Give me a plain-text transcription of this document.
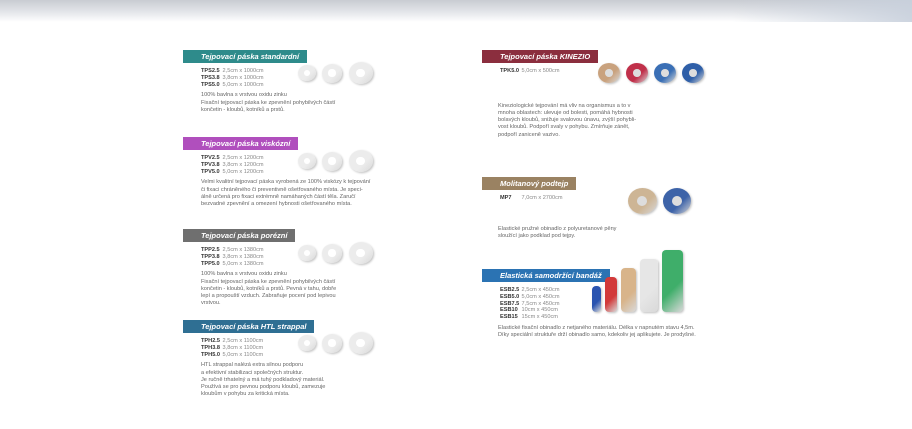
Tejpovací páska standardní
TPS2.5 2,5cm x 1000cm
TPS3.8 3,8cm x 1000cm
TPS5.0 5,0cm x 1000cm
100% bavlna s vrstvou oxidu zinku
Fixační tejpovací páska ke zpevnění pohybilvých částí
končetin - kloubů, kotníků a prstů.
Tejpovací páska viskózní
TPV2.5 2,5cm x 1200cm
TPV3.8 3,8cm x 1200cm
TPV5.0 5,0cm x 1200cm
Velmi kvalitní tejpovací páska vyrobená ze 100% viskózy k tejpování
či fixaci chráněného či preventivně ošetřovaného místa. Je speci-
álně určená pro fixaci extrémně namáhaných částí těla. Zaručí
bezvadné zpevnění a omezení hybnosti ošetřovaného místa.
Tejpovací páska porézní
TPP2.5 2,5cm x 1380cm
TPP3.8 3,8cm x 1380cm
TPP5.0 5,0cm x 1380cm
100% bavlna s vrstvou oxidu zinku
Fixační tejpovací páska ke zpevnění pohybilvých částí
končetin - kloubů, kotníků a prstů. Pevná v tahu, dobře
lepí a propouští vzduch. Zabraňuje pocení pod lepivou
vrstvou.
Tejpovací páska HTL strappal
TPH2.5 2,5cm x 1100cm
TPH3.8 3,8cm x 1100cm
TPH5.0 5,0cm x 1100cm
HTL strappal nalézá extra silnou podporu
a efektivní stabilizaci společných struktur.
Je ručně trhatelný a má tuhý podkladový materiál.
Používá se pro pevnou podporu kloubů, zamezuje
kloubům v pohybu za kritická místa.
Tejpovací páska KINEZIO
TPK5.0 5,0cm x 500cm
Kineziologické tejpování má vliv na organismus a to v
mnoha oblastech: ulevuje od bolesti, pomáhá hybnosti
bolavých kloubů, snižuje svalovou únavu, zvýší pohybli-
vost kloubů. Podpoří svaly v pohybu. Zmírňuje zánět,
podpoří zaniceně vazivo.
Molitanový podtejp
MP7 7,0cm x 2700cm
Elastické pružné obinadlo z polyuretanové pěny
sloužící jako podklad pod tejpy.
Elastická samodržící bandáž
ESB2.5 2,5cm x 450cm
ESB5.0 5,0cm x 450cm
ESB7.5 7,5cm x 450cm
ESB10 10cm x 450cm
ESB15 15cm x 450cm
Elastické fixační obinadlo z netjaného materiálu. Délka v napnutém stavu 4,5m.
Díky speciální struktuře drží obinadlo samo, kdekoliv jej aplikujete. Je prodyšné.
